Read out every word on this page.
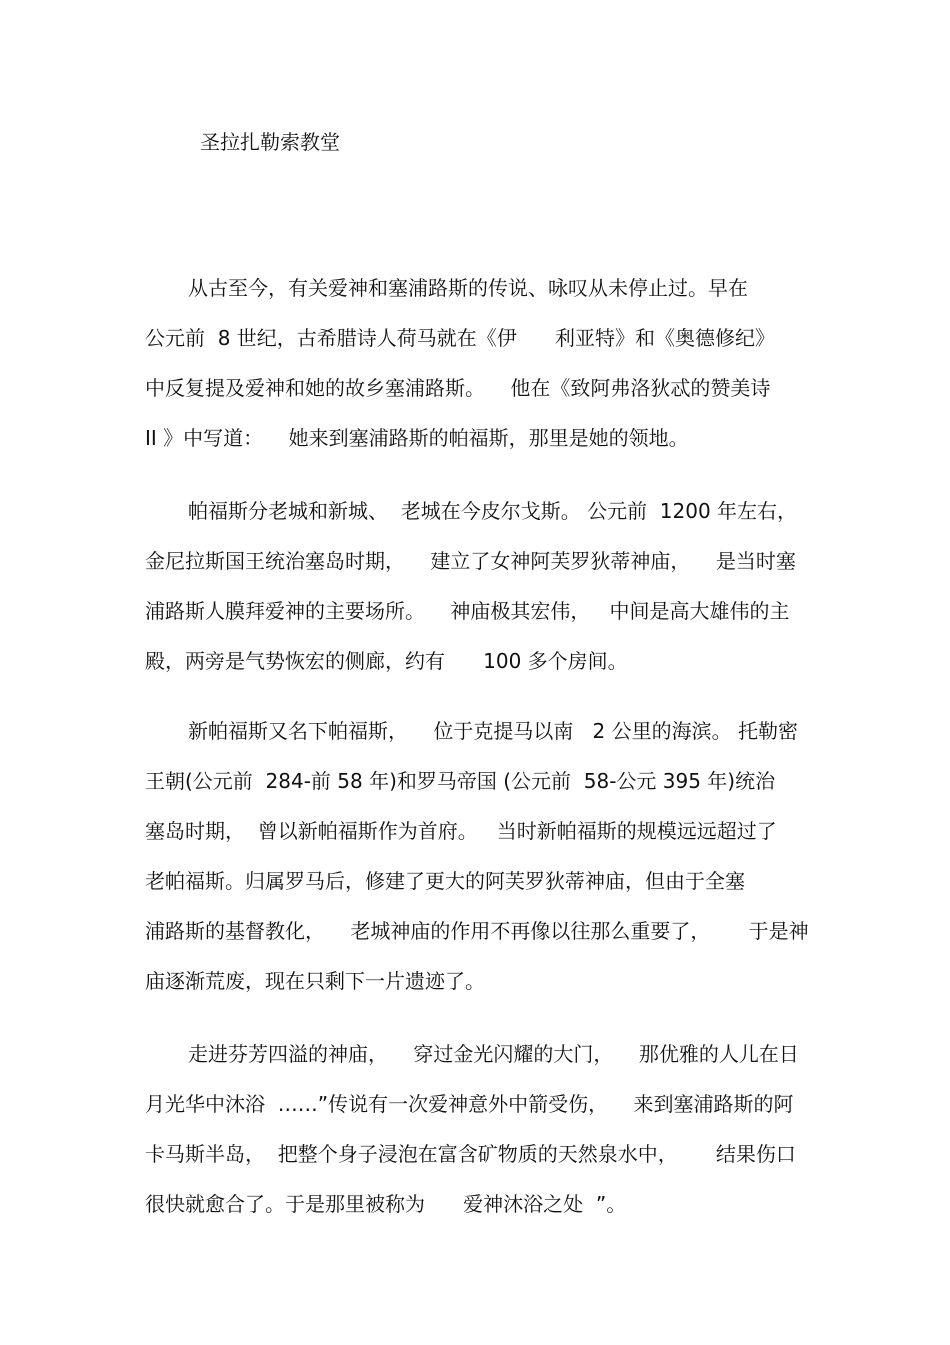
圣拉扎勒索教堂
从古至今，有关爱神和塞浦路斯的传说、咏叹从未停止过。早在
公元前  8 世纪，古希腊诗人荷马就在《伊      利亚特》和《奥德修纪》
中反复提及爱神和她的故乡塞浦路斯。    他在《致阿弗洛狄忒的赞美诗
II 》中写道：    她来到塞浦路斯的帕福斯，那里是她的领地。
帕福斯分老城和新城、  老城在今皮尔戈斯。 公元前  1200 年左右，
金尼拉斯国王统治塞岛时期，    建立了女神阿芙罗狄蒂神庙，    是当时塞
浦路斯人膜拜爱神的主要场所。    神庙极其宏伟，   中间是高大雄伟的主
殿，两旁是气势恢宏的侧廊，约有      100 多个房间。
新帕福斯又名下帕福斯，    位于克提马以南   2 公里的海滨。 托勒密
王朝(公元前  284-前 58 年)和罗马帝国 (公元前  58-公元 395 年)统治
塞岛时期，  曾以新帕福斯作为首府。   当时新帕福斯的规模远远超过了
老帕福斯。归属罗马后，修建了更大的阿芙罗狄蒂神庙，但由于全塞
浦路斯的基督教化，    老城神庙的作用不再像以往那么重要了，      于是神
庙逐渐荒废，现在只剩下一片遗迹了。
走进芬芳四溢的神庙，    穿过金光闪耀的大门，    那优雅的人儿在日
月光华中沐浴  ……”传说有一次爱神意外中箭受伤，    来到塞浦路斯的阿
卡马斯半岛，  把整个身子浸泡在富含矿物质的天然泉水中，      结果伤口
很快就愈合了。于是那里被称为      爱神沐浴之处  ”。
